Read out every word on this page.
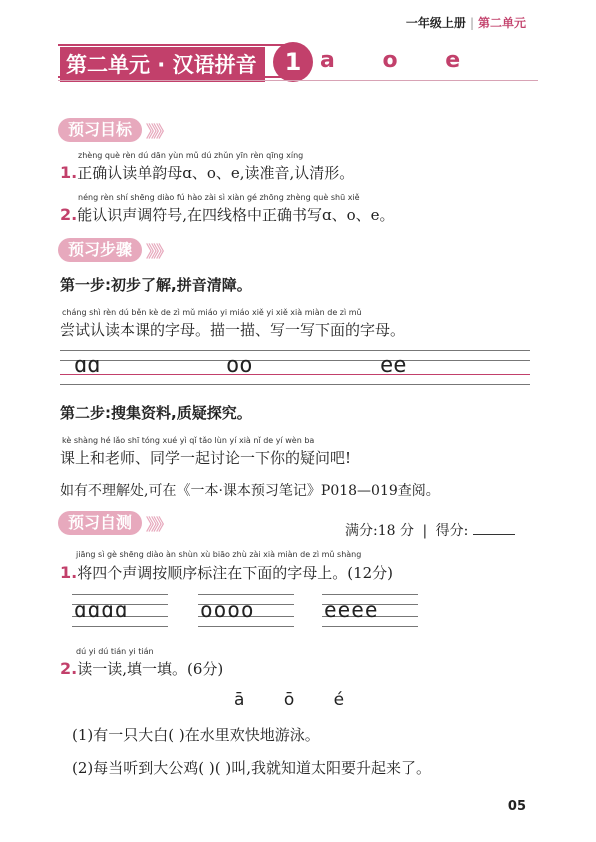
一年级上册 | 第二单元
第二单元 · 汉语拼音	1 a o e
预习目标 》》》
zhèng què rèn dú dān yùn mǔ dú zhǔn yīn rèn qīng xíng
1.正确认读单韵母ɑ、o、e,读准音,认清形。
néng rèn shí shēng diào fú hào zài sì xiàn gé zhōng zhèng què shū xiě
2.能认识声调符号,在四线格中正确书写ɑ、o、e。
预习步骤 》》》
第一步:初步了解,拼音清障。
cháng shì rèn dú běn kè de zì mǔ miáo yi miáo xiě yi xiě xià miàn de zì mǔ
尝试认读本课的字母。描一描、写一写下面的字母。
ɑɑ	oo	ee
第二步:搜集资料,质疑探究。
kè shàng hé lǎo shī tóng xué yì qǐ tǎo lùn yí xià nǐ de yí wèn ba
课上和老师、同学一起讨论一下你的疑问吧!
如有不理解处,可在《一本·课本预习笔记》P018—019查阅。
预习自测 》》》	满分:18 分 | 得分:
jiāng sì gè shēng diào àn shùn xù biāo zhù zài xià miàn de zì mǔ shàng
1.将四个声调按顺序标注在下面的字母上。(12分)
ɑɑɑɑ	oooo	eeee
dú yi dú tián yi tián
2.读一读,填一填。(6分)
ā ō é
(1)有一只大白( )在水里欢快地游泳。
(2)每当听到大公鸡( )( )叫,我就知道太阳要升起来了。
05
